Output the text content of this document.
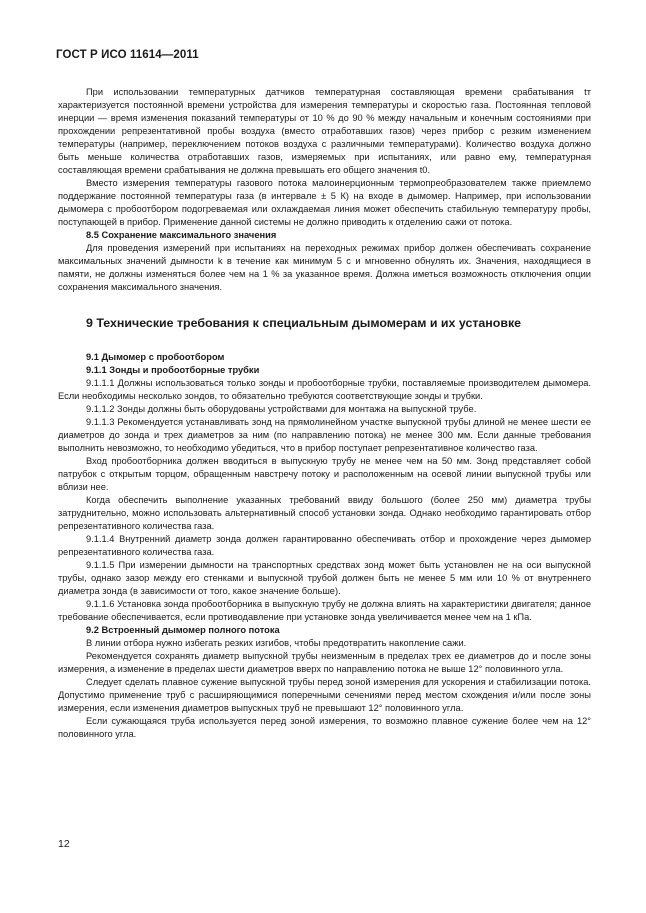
ГОСТ Р ИСО 11614—2011

При использовании температурных датчиков температурная составляющая времени срабатывания tт характеризуется постоянной времени устройства для измерения температуры и скоростью газа. Постоянная тепловой инерции — время изменения показаний температуры от 10 % до 90 % между начальным и конечным состояниями при прохождении репрезентативной пробы воздуха (вместо отработавших газов) через прибор с резким изменением температуры (например, переключением потоков воздуха с различными температурами). Количество воздуха должно быть меньше количества отработавших газов, измеряемых при испытаниях, или равно ему, температурная составляющая времени срабатывания не должна превышать его общего значения t0.

Вместо измерения температуры газового потока малоинерционным термопреобразователем также приемлемо поддержание постоянной температуры газа (в интервале ± 5 К) на входе в дымомер. Например, при использовании дымомера с пробоотбором подогреваемая или охлаждаемая линия может обеспечить стабильную температуру пробы, поступающей в прибор. Применение данной системы не должно приводить к отделению сажи от потока.

8.5 Сохранение максимального значения

Для проведения измерений при испытаниях на переходных режимах прибор должен обеспечивать сохранение максимальных значений дымности k в течение как минимум 5 с и мгновенно обнулять их. Значения, находящиеся в памяти, не должны изменяться более чем на 1 % за указанное время. Должна иметься возможность отключения опции сохранения максимального значения.

9 Технические требования к специальным дымомерам и их установке
9.1 Дымомер с пробоотбором
9.1.1 Зонды и пробоотборные трубки

9.1.1.1 Должны использоваться только зонды и пробоотборные трубки, поставляемые производителем дымомера. Если необходимы несколько зондов, то обязательно требуются соответствующие зонды и трубки.

9.1.1.2 Зонды должны быть оборудованы устройствами для монтажа на выпускной трубе.

9.1.1.3 Рекомендуется устанавливать зонд на прямолинейном участке выпускной трубы длиной не менее шести ее диаметров до зонда и трех диаметров за ним (по направлению потока) не менее 300 мм. Если данные требования выполнить невозможно, то необходимо убедиться, что в прибор поступает репрезентативное количество газа.

Вход пробоотборника должен вводиться в выпускную трубу не менее чем на 50 мм. Зонд представляет собой патрубок с открытым торцом, обращенным навстречу потоку и расположенным на осевой линии выпускной трубы или вблизи нее.

Когда обеспечить выполнение указанных требований ввиду большого (более 250 мм) диаметра трубы затруднительно, можно использовать альтернативный способ установки зонда. Однако необходимо гарантировать отбор репрезентативного количества газа.

9.1.1.4 Внутренний диаметр зонда должен гарантированно обеспечивать отбор и прохождение через дымомер репрезентативного количества газа.

9.1.1.5 При измерении дымности на транспортных средствах зонд может быть установлен не на оси выпускной трубы, однако зазор между его стенками и выпускной трубой должен быть не менее 5 мм или 10 % от внутреннего диаметра зонда (в зависимости от того, какое значение больше).

9.1.1.6 Установка зонда пробоотборника в выпускную трубу не должна влиять на характеристики двигателя; данное требование обеспечивается, если противодавление при установке зонда увеличивается менее чем на 1 кПа.

9.2 Встроенный дымомер полного потока

В линии отбора нужно избегать резких изгибов, чтобы предотвратить накопление сажи.

Рекомендуется сохранять диаметр выпускной трубы неизменным в пределах трех ее диаметров до и после зоны измерения, а изменение в пределах шести диаметров вверх по направлению потока не выше 12° половинного угла.

Следует сделать плавное сужение выпускной трубы перед зоной измерения для ускорения и стабилизации потока. Допустимо применение труб с расширяющимися поперечными сечениями перед местом схождения и/или после зоны измерения, если изменения диаметров выпускных труб не превышают 12° половинного угла.

Если сужающаяся труба используется перед зоной измерения, то возможно плавное сужение более чем на 12° половинного угла.

12
